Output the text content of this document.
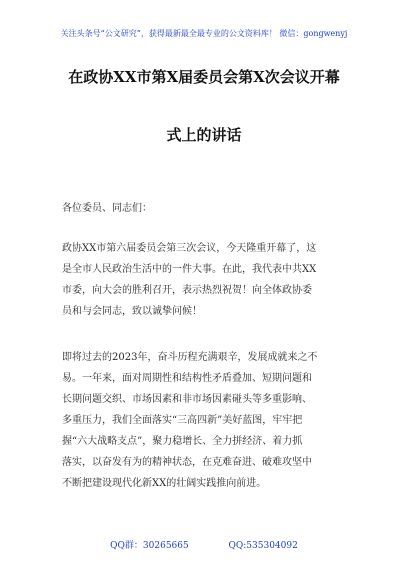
关注头条号“公文研究”，获得最新最全最专业的公文资料库！ 微信：gongwenyj
在政协XX市第X届委员会第X次会议开幕
式上的讲话
各位委员、同志们：
政协XX市第六届委员会第三次会议，今天隆重开幕了，这
是全市人民政治生活中的一件大事。在此，我代表中共XX
市委，向大会的胜利召开，表示热烈祝贺！向全体政协委
员和与会同志，致以诚挚问候！
即将过去的2023年，奋斗历程充满艰辛，发展成就来之不
易。一年来，面对周期性和结构性矛盾叠加、短期问题和
长期问题交织、市场因素和非市场因素碰头等多重影响、
多重压力，我们全面落实“三高四新”美好蓝图，牢牢把
握“六大战略支点”，聚力稳增长、全力拼经济、着力抓
落实，以奋发有为的精神状态，在克难奋进、破难攻坚中
不断把建设现代化新XX的壮阔实践推向前进。
QQ群：30265665	QQ:535304092
